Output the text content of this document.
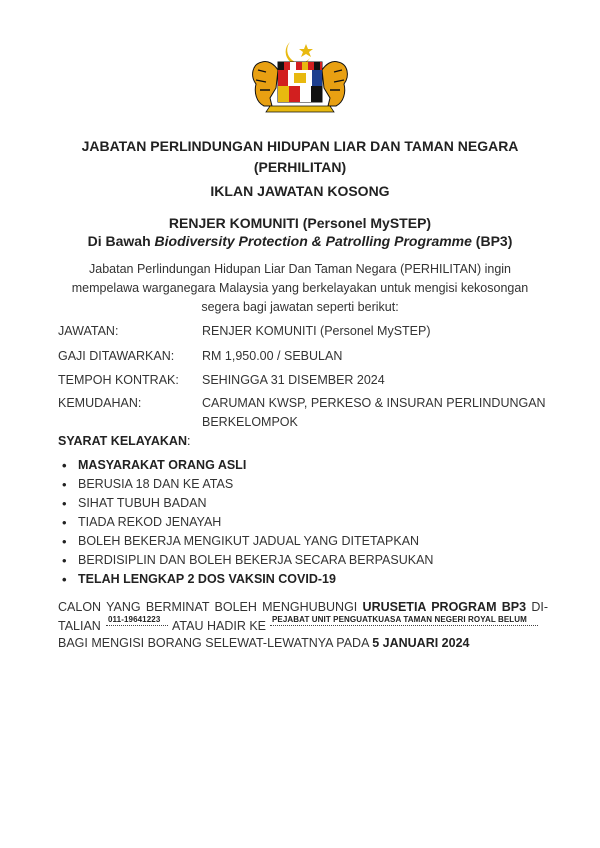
JABATAN PERLINDUNGAN HIDUPAN LIAR DAN TAMAN NEGARA
(PERHILITAN)
IKLAN JAWATAN KOSONG
RENJER KOMUNITI (Personel MySTEP)
Di Bawah Biodiversity Protection & Patrolling Programme (BP3)
Jabatan Perlindungan Hidupan Liar Dan Taman Negara (PERHILITAN) ingin mempelawa warganegara Malaysia yang berkelayakan untuk mengisi kekosongan segera bagi jawatan seperti berikut:
JAWATAN:	RENJER KOMUNITI (Personel MySTEP)
GAJI DITAWARKAN: RM 1,950.00 / SEBULAN
TEMPOH KONTRAK: SEHINGGA 31 DISEMBER 2024
KEMUDAHAN:	CARUMAN KWSP, PERKESO & INSURAN PERLINDUNGAN BERKELOMPOK
SYARAT KELAYAKAN:
• MASYARAKAT ORANG ASLI
• BERUSIA 18 DAN KE ATAS
• SIHAT TUBUH BADAN
• TIADA REKOD JENAYAH
• BOLEH BEKERJA MENGIKUT JADUAL YANG DITETAPKAN
• BERDISIPLIN DAN BOLEH BEKERJA SECARA BERPASUKAN
• TELAH LENGKAP 2 DOS VAKSIN COVID-19
CALON YANG BERMINAT BOLEH MENGHUBUNGI URUSETIA PROGRAM BP3 DI-
TALIAN 011-19641223 ATAU HADIR KE PEJABAT UNIT PENGUATKUASA TAMAN NEGERI ROYAL BELUM
BAGI MENGISI BORANG SELEWAT-LEWATNYA PADA 5 JANUARI 2024
